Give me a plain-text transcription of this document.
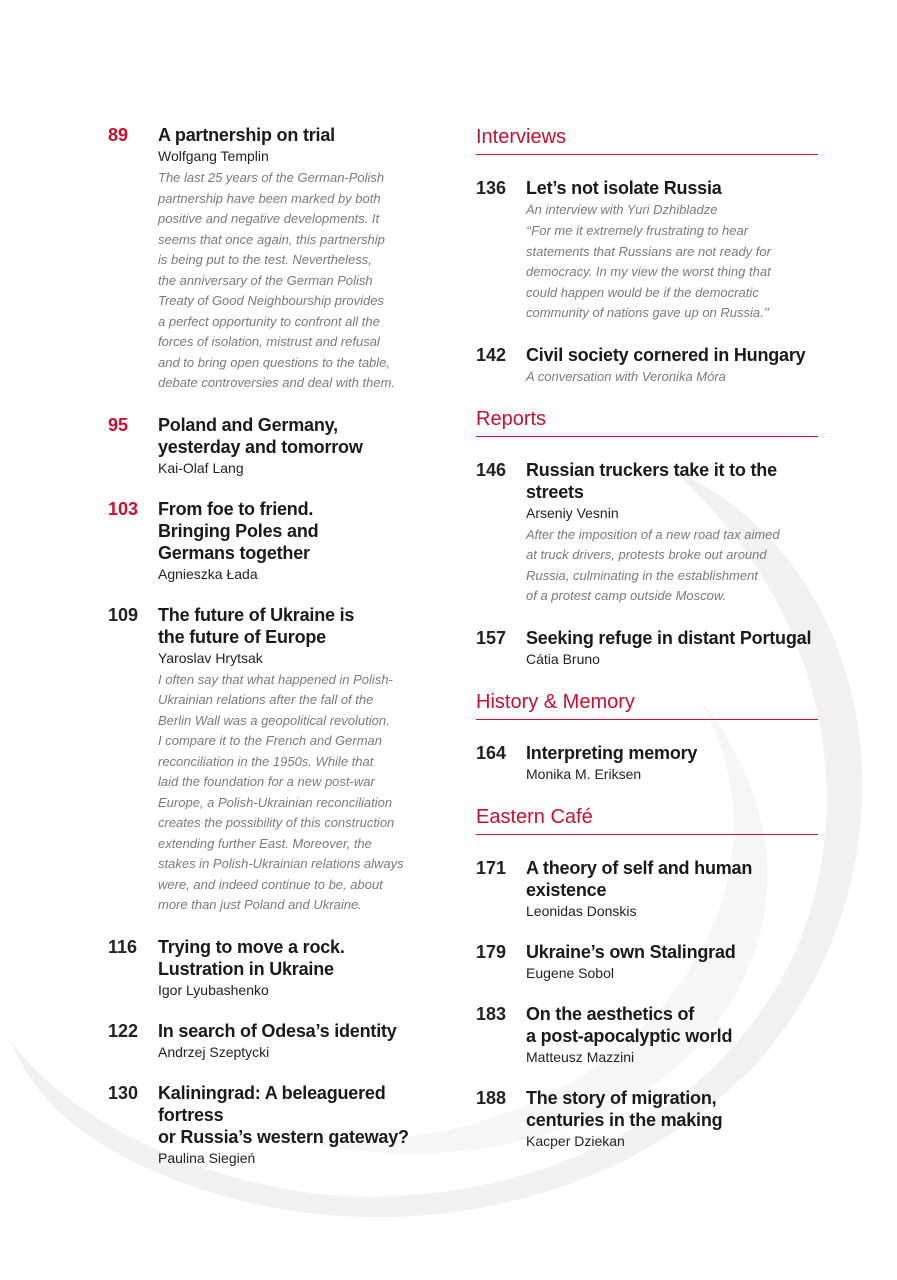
89 A partnership on trial
Wolfgang Templin
The last 25 years of the German-Polish
partnership have been marked by both
positive and negative developments. It
seems that once again, this partnership
is being put to the test. Nevertheless,
the anniversary of the German Polish
Treaty of Good Neighbourship provides
a perfect opportunity to confront all the
forces of isolation, mistrust and refusal
and to bring open questions to the table,
debate controversies and deal with them.
95 Poland and Germany,
yesterday and tomorrow
Kai-Olaf Lang
103 From foe to friend.
Bringing Poles and
Germans together
Agnieszka Łada
109 The future of Ukraine is
the future of Europe
Yaroslav Hrytsak
I often say that what happened in Polish-
Ukrainian relations after the fall of the
Berlin Wall was a geopolitical revolution.
I compare it to the French and German
reconciliation in the 1950s. While that
laid the foundation for a new post-war
Europe, a Polish-Ukrainian reconciliation
creates the possibility of this construction
extending further East. Moreover, the
stakes in Polish-Ukrainian relations always
were, and indeed continue to be, about
more than just Poland and Ukraine.
116 Trying to move a rock.
Lustration in Ukraine
Igor Lyubashenko
122 In search of Odesa’s identity
Andrzej Szeptycki
130 Kaliningrad: A beleaguered fortress
or Russia’s western gateway?
Paulina Siegień
Interviews
136 Let’s not isolate Russia
An interview with Yuri Dzhibladze
‘‘For me it extremely frustrating to hear
statements that Russians are not ready for
democracy. In my view the worst thing that
could happen would be if the democratic
community of nations gave up on Russia.’’
142 Civil society cornered in Hungary
A conversation with Veronika Móra
Reports
146 Russian truckers take it to the streets
Arseniy Vesnin
After the imposition of a new road tax aimed
at truck drivers, protests broke out around
Russia, culminating in the establishment
of a protest camp outside Moscow.
157 Seeking refuge in distant Portugal
Cátia Bruno
History & Memory
164 Interpreting memory
Monika M. Eriksen
Eastern Café
171 A theory of self and human existence
Leonidas Donskis
179 Ukraine’s own Stalingrad
Eugene Sobol
183 On the aesthetics of
a post-apocalyptic world
Matteusz Mazzini
188 The story of migration,
centuries in the making
Kacper Dziekan
